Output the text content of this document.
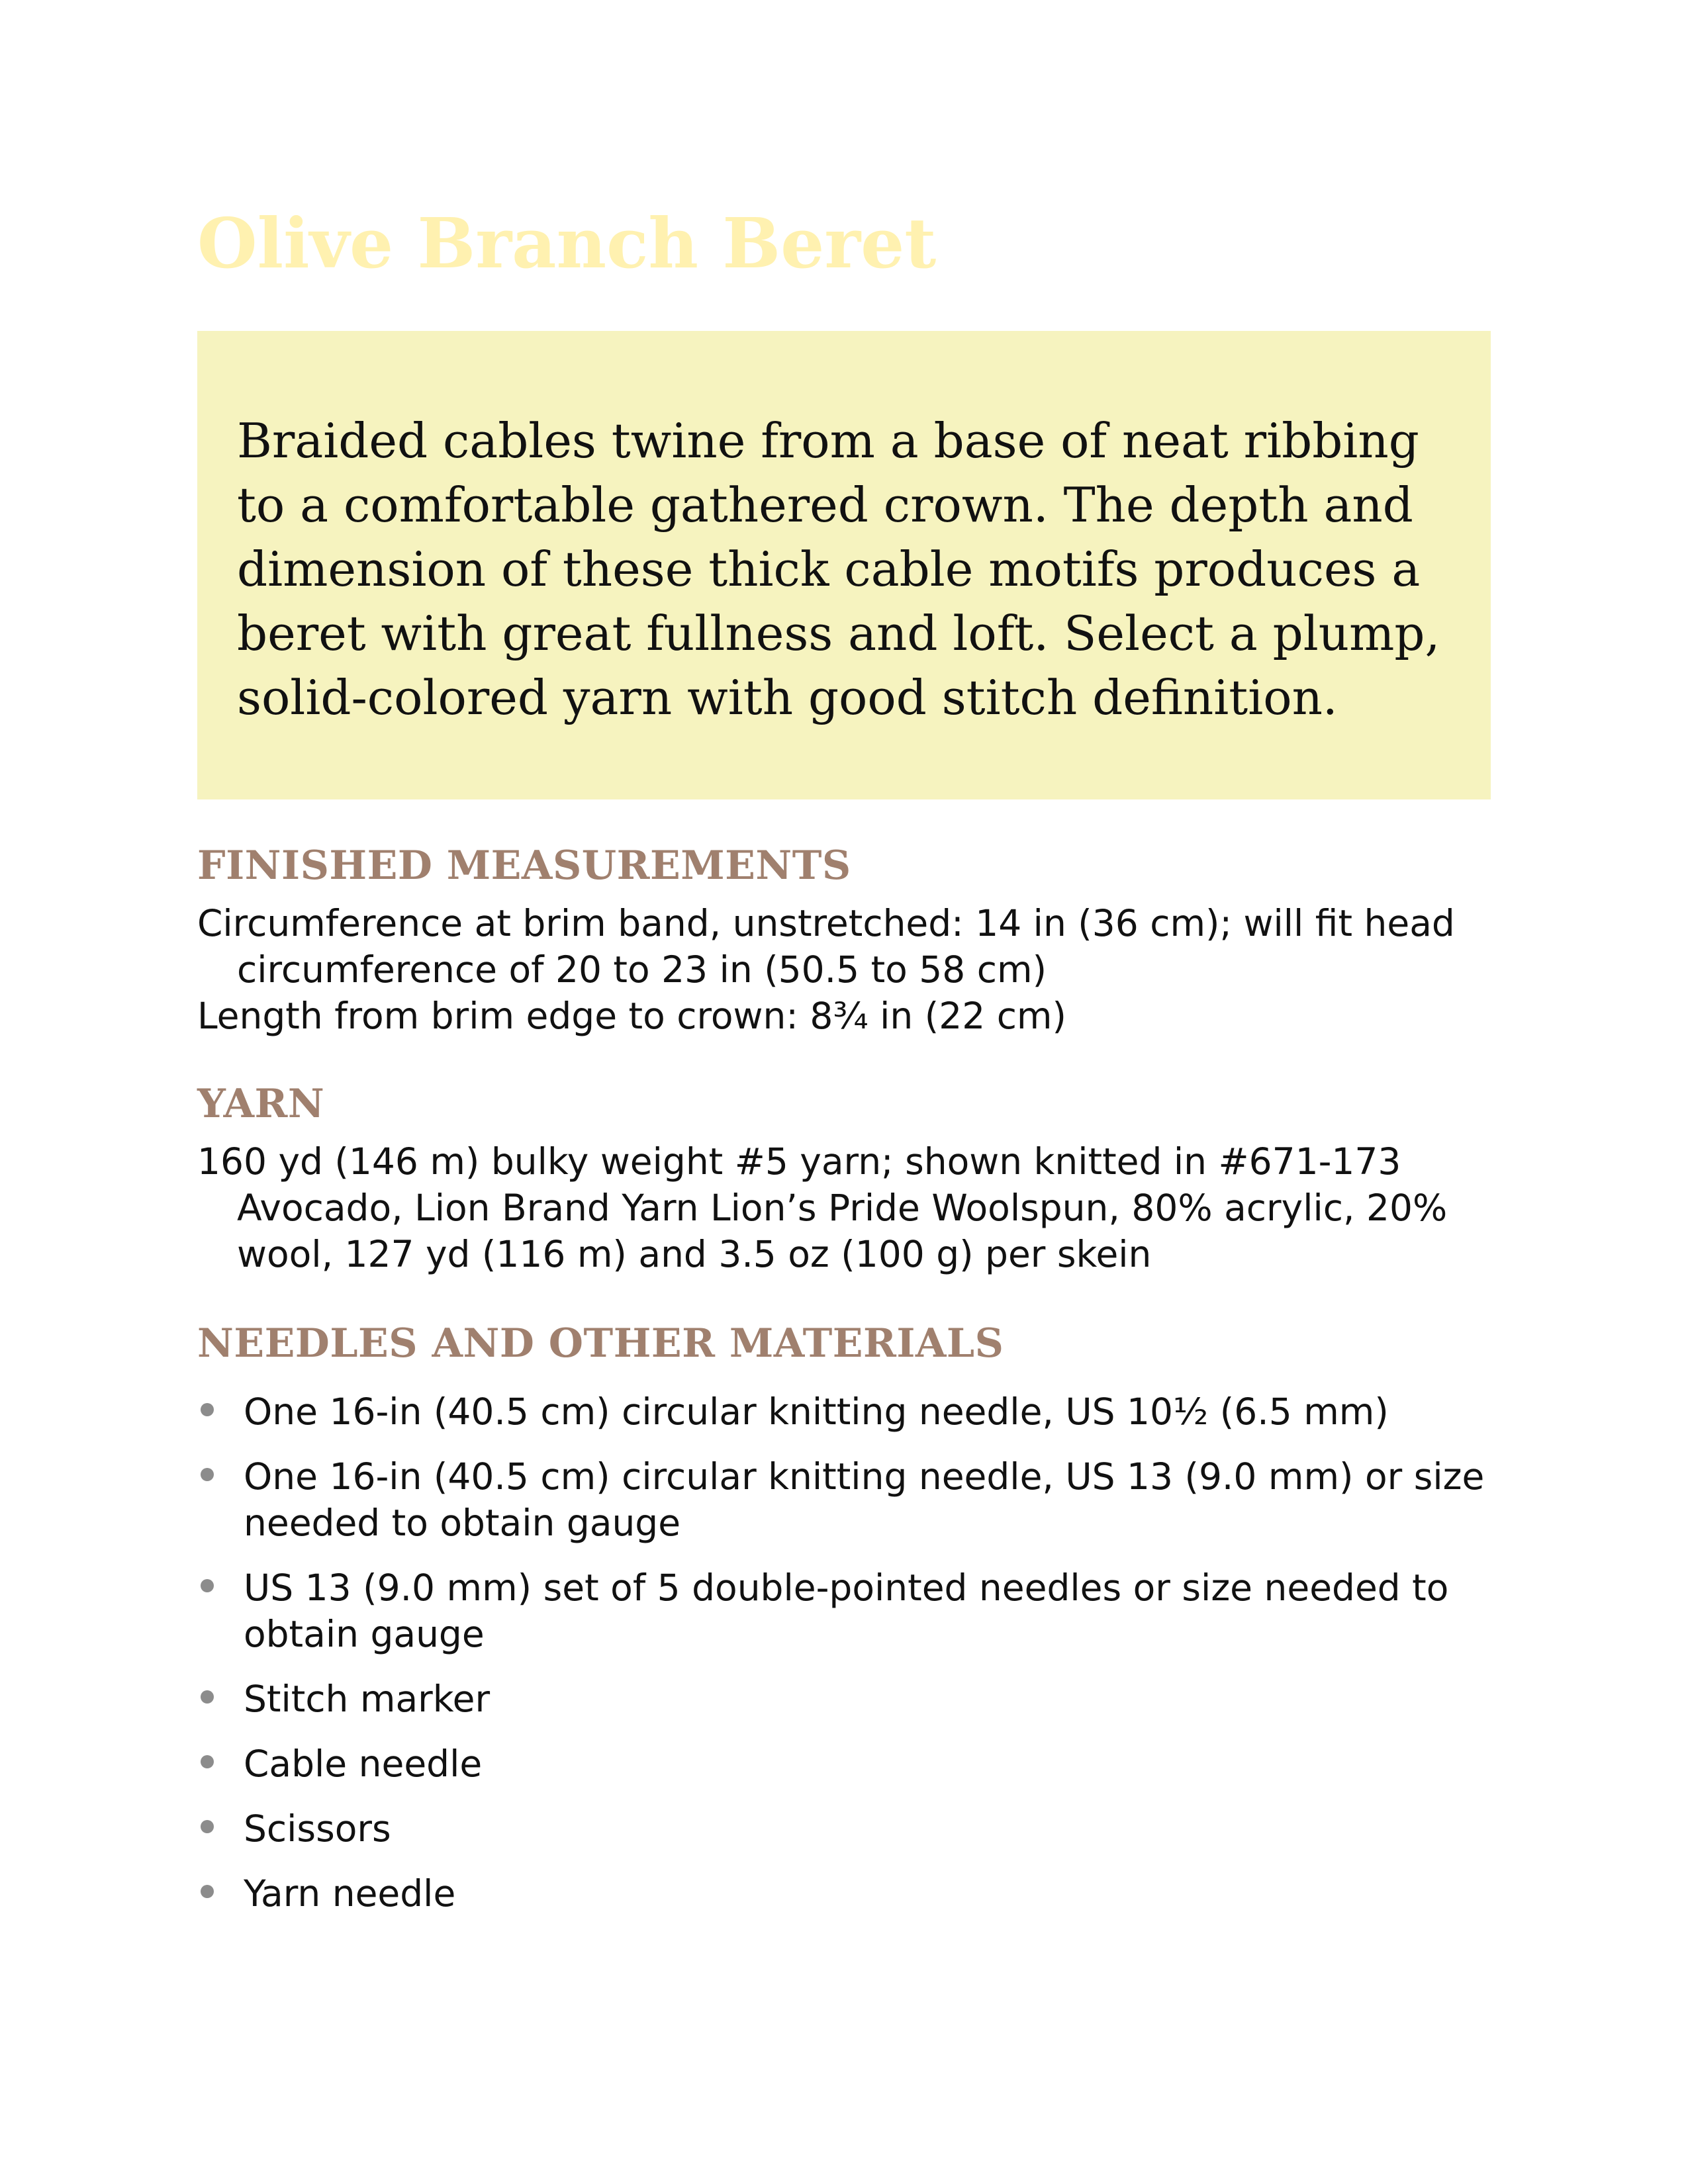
Olive Branch Beret

Braided cables twine from a base of neat ribbing to a comfortable gathered crown. The depth and dimension of these thick cable motifs produces a beret with great fullness and loft. Select a plump, solid-colored yarn with good stitch definition.

FINISHED MEASUREMENTS

Circumference at brim band, unstretched: 14 in (36 cm); will fit head circumference of 20 to 23 in (50.5 to 58 cm)

Length from brim edge to crown: 8¾ in (22 cm)

YARN

160 yd (146 m) bulky weight #5 yarn; shown knitted in #671-173 Avocado, Lion Brand Yarn Lion’s Pride Woolspun, 80% acrylic, 20% wool, 127 yd (116 m) and 3.5 oz (100 g) per skein

NEEDLES AND OTHER MATERIALS
One 16-in (40.5 cm) circular knitting needle, US 10½ (6.5 mm)
One 16-in (40.5 cm) circular knitting needle, US 13 (9.0 mm) or size needed to obtain gauge
US 13 (9.0 mm) set of 5 double-pointed needles or size needed to obtain gauge
Stitch marker
Cable needle
Scissors
Yarn needle
